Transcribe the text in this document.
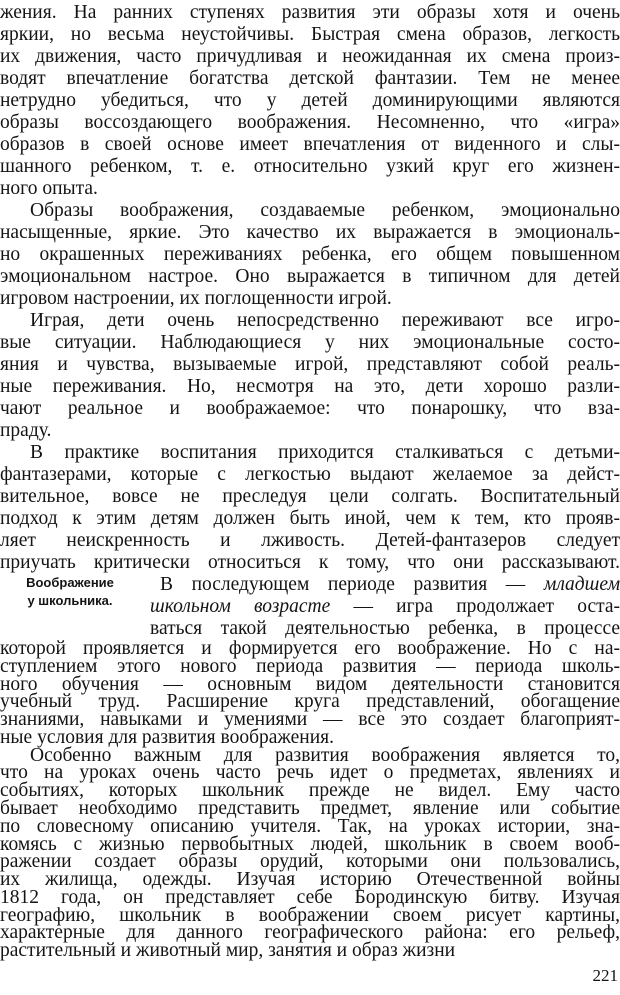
жения. На ранних ступенях развития эти образы хотя и очень
яркии, но весьма неустойчивы. Быстрая смена образов, легкость
их движения, часто причудливая и неожиданная их смена произ-
водят впечатление богатства детской фантазии. Тем не менее
нетрудно убедиться, что у детей доминирующими являются
образы воссоздающего воображения. Несомненно, что «игра»
образов в своей основе имеет впечатления от виденного и слы-
шанного ребенком, т. е. относительно узкий круг его жизнен-
ного опыта.
Образы воображения, создаваемые ребенком, эмоционально
насыщенные, яркие. Это качество их выражается в эмоциональ-
но окрашенных переживаниях ребенка, его общем повышенном
эмоциональном настрое. Оно выражается в типичном для детей
игровом настроении, их поглощенности игрой.
Играя, дети очень непосредственно переживают все игро-
вые ситуации. Наблюдающиеся у них эмоциональные состо-
яния и чувства, вызываемые игрой, представляют собой реаль-
ные переживания. Но, несмотря на это, дети хорошо разли-
чают реальное и воображаемое: что понарошку, что взa-
праду.
В практике воспитания приходится сталкиваться с детьми-
фантазерами, которые с легкостью выдают желаемое за дейст-
вительное, вовсе не преследуя цели солгать. Воспитательный
подход к этим детям должен быть иной, чем к тем, кто прояв-
ляет неискренность и лживость. Детей-фантазеров следует
приучать критически относиться к тому, что они рассказывают.
Воображение
у школьника.
В последующем периоде развития — младшем
школьном возрасте — игра продолжает оста-
ваться такой деятельностью ребенка, в процессе
которой проявляется и формируется его воображение. Но с на-
ступлением этого нового периода развития — периода школь-
ного обучения — основным видом деятельности становится
учебный труд. Расширение круга представлений, обогащение
знаниями, навыками и умениями — все это создает благоприят-
ные условия для развития воображения.
Особенно важным для развития воображения является то,
что на уроках очень часто речь идет о предметах, явлениях и
событиях, которых школьник прежде не видел. Ему часто
бывает необходимо представить предмет, явление или событие
по словесному описанию учителя. Так, на уроках истории, зна-
комясь с жизнью первобытных людей, школьник в своем вооб-
ражении создает образы орудий, которыми они пользовались,
их жилища, одежды. Изучая историю Отечественной войны
1812 года, он представляет себе Бородинскую битву. Изучая
географию, школьник в воображении своем рисует картины,
221
характерные для данного географического района: его рельеф,
растительный и животный мир, занятия и образ жизни
